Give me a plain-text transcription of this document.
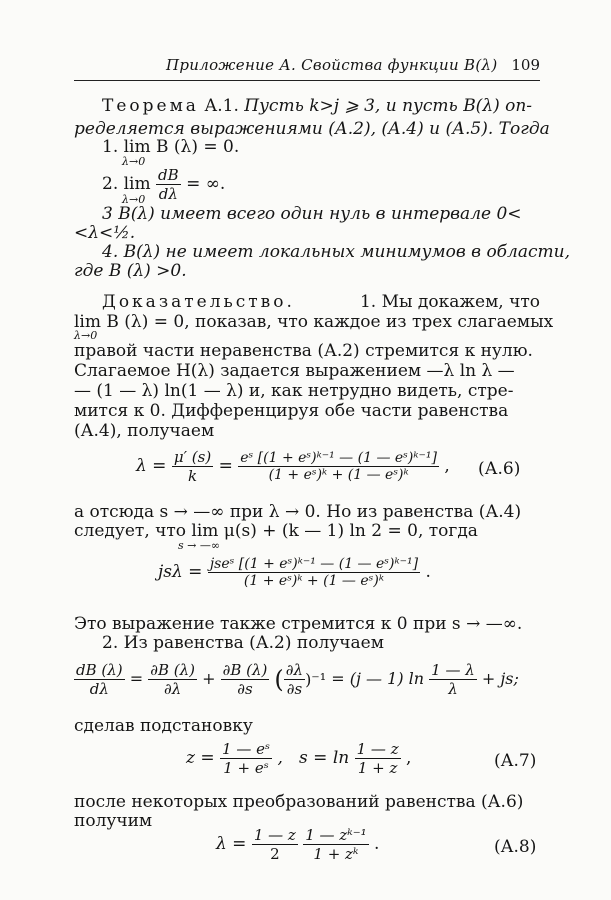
Приложение А. Свойства функции B(λ) 109
Теорема А.1. Пусть k>j ⩾ 3, и пусть B(λ) оп-
ределяется выражениями (А.2), (А.4) и (А.5). Тогда
1. lim B (λ) = 0.
λ→0
2. $\lim \frac{dB}{d\lambda}$ = ∞.
λ→0
3 B(λ) имеет всего один нуль в интервале 0<
<λ<½.
4. B(λ) не имеет локальных минимумов в области,
где B (λ) >0.
Доказательство.	1. Мы докажем, что
lim B (λ) = 0, показав, что каждое из трех слагаемых
λ→0
правой части неравенства (А.2) стремится к нулю.
Слагаемое H(λ) задается выражением —λ ln λ —
— (1 — λ) ln(1 — λ) и, как нетрудно видеть, стре-
мится к 0. Дифференцируя обе части равенства
(А.4), получаем
$\lambda = \frac{\mu' (s)}{k} = \frac{\text{eˢ [(1 + eˢ)ᵏ⁻¹ — (1 — eˢ)ᵏ⁻¹]}}{\text{(1 + eˢ)ᵏ + (1 — eˢ)ᵏ}}$ , (А.6)
а отсюда s → —∞ при λ → 0. Но из равенства (А.4)
следует, что lim μ(s) + (k — 1) ln 2 = 0, тогда
s → —∞
$js\lambda = \frac{\text{jseˢ [(1 + eˢ)ᵏ⁻¹ — (1 — eˢ)ᵏ⁻¹]}}{\text{(1 + eˢ)ᵏ + (1 — eˢ)ᵏ}}$ .
Это выражение также стремится к 0 при s → —∞.
2. Из равенства (А.2) получаем
$\frac{dB (\lambda)}{d\lambda} = \frac{\partial B (\lambda)}{\partial\lambda} + \frac{\partial B (\lambda)}{\partial s}$ ( $\frac{\partial\lambda}{\partial s} )^{-1} = (j$ — 1) $\ln \frac{1 — \lambda}{\lambda}$ + js;
сделав подстановку
$z = \frac{\text{1 — eˢ}}{\text{1 + eˢ}}$ ,   $s = \ln \frac{1 — z}{1 + z}$ ,	(А.7)
после некоторых преобразований равенства (А.6)
получим
$\lambda = \frac{1 — z}{2}$
$\frac{\text{1 — zᵏ⁻¹}}{\text{1 + zᵏ}}$ .	(А.8)
